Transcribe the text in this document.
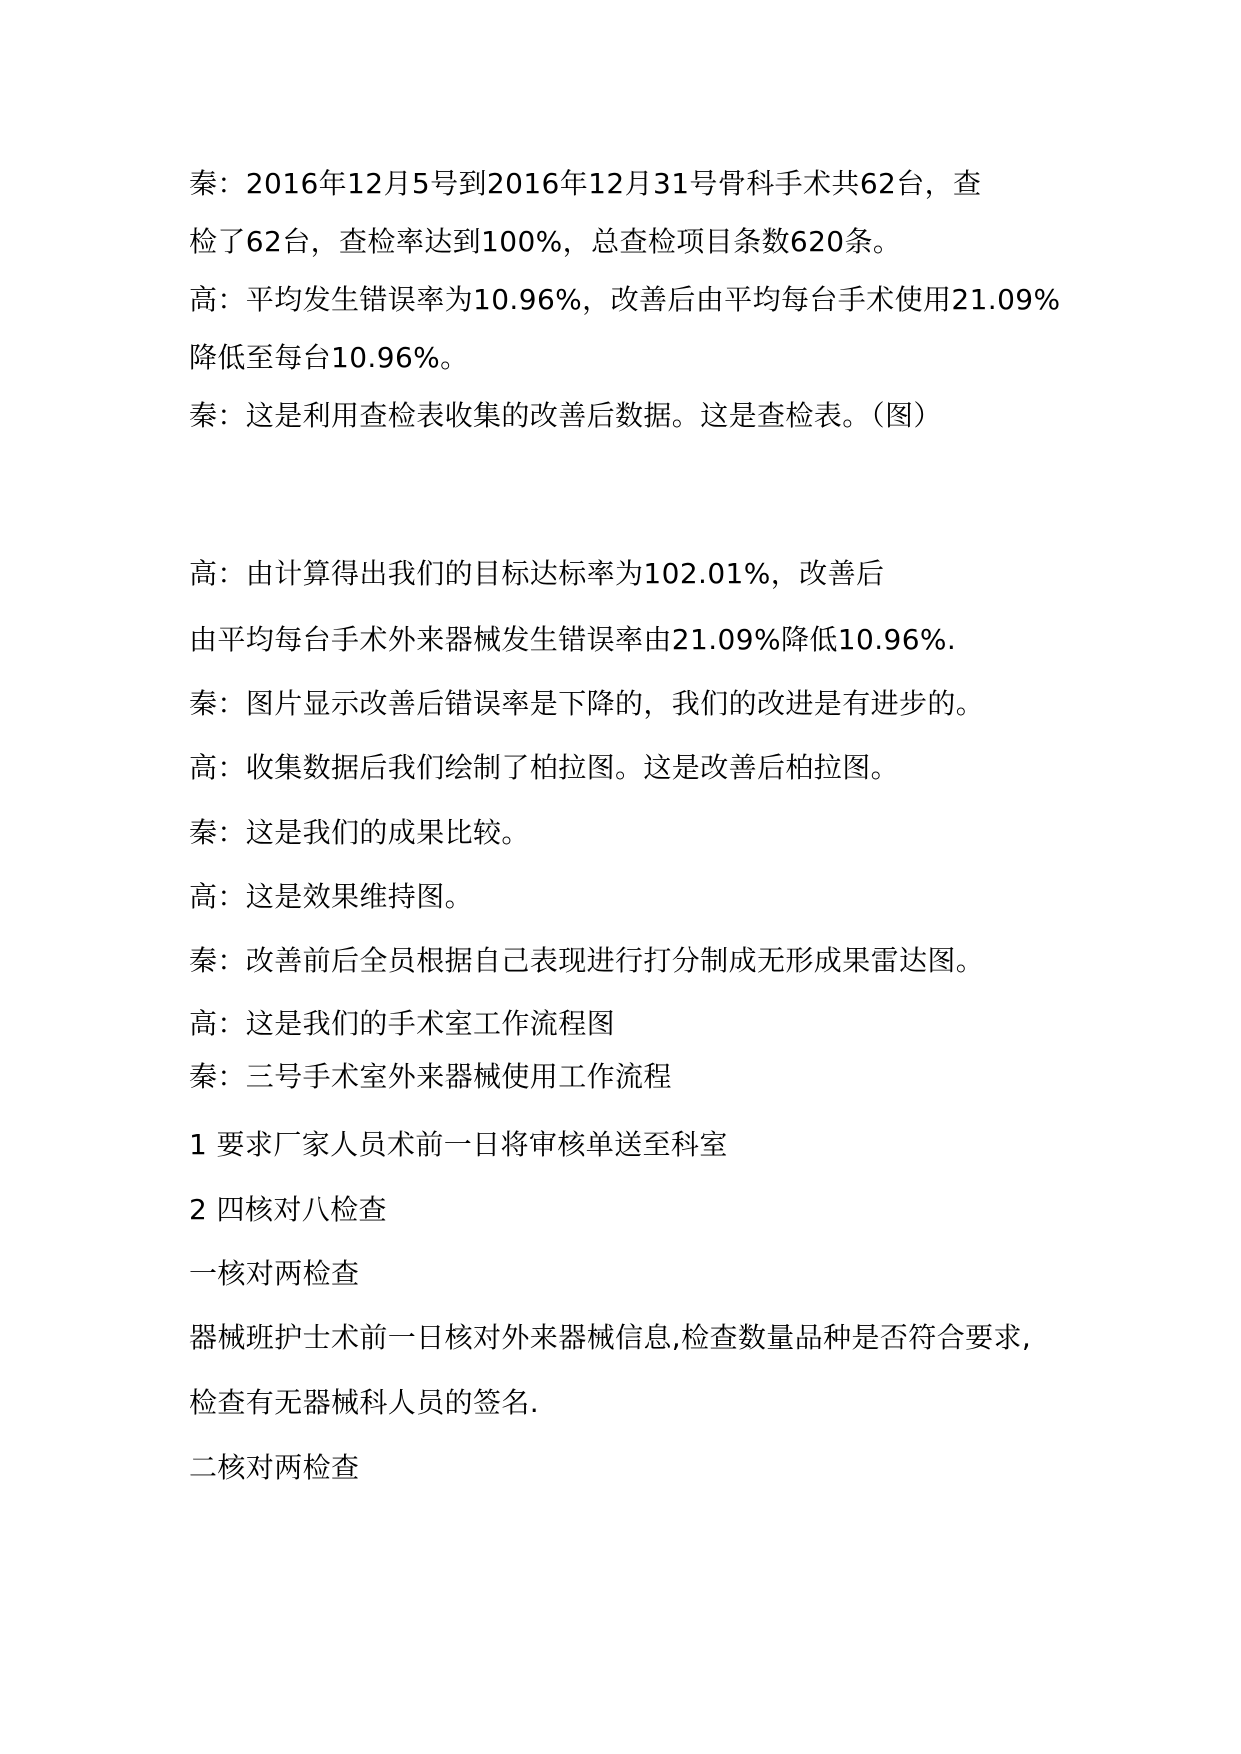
秦：2016年12月5号到2016年12月31号骨科手术共62台，查
检了62台，查检率达到100%，总查检项目条数620条。
高：平均发生错误率为10.96%，改善后由平均每台手术使用21.09%
降低至每台10.96%。
秦：这是利用查检表收集的改善后数据。这是查检表。（图）
高：由计算得出我们的目标达标率为102.01%，改善后
由平均每台手术外来器械发生错误率由21.09%降低10.96%.
秦：图片显示改善后错误率是下降的，我们的改进是有进步的。
高：收集数据后我们绘制了柏拉图。这是改善后柏拉图。
秦：这是我们的成果比较。
高：这是效果维持图。
秦：改善前后全员根据自己表现进行打分制成无形成果雷达图。
高：这是我们的手术室工作流程图
秦：三号手术室外来器械使用工作流程
1 要求厂家人员术前一日将审核单送至科室
2 四核对八检查
一核对两检查
器械班护士术前一日核对外来器械信息,检查数量品种是否符合要求,
检查有无器械科人员的签名.
二核对两检查
